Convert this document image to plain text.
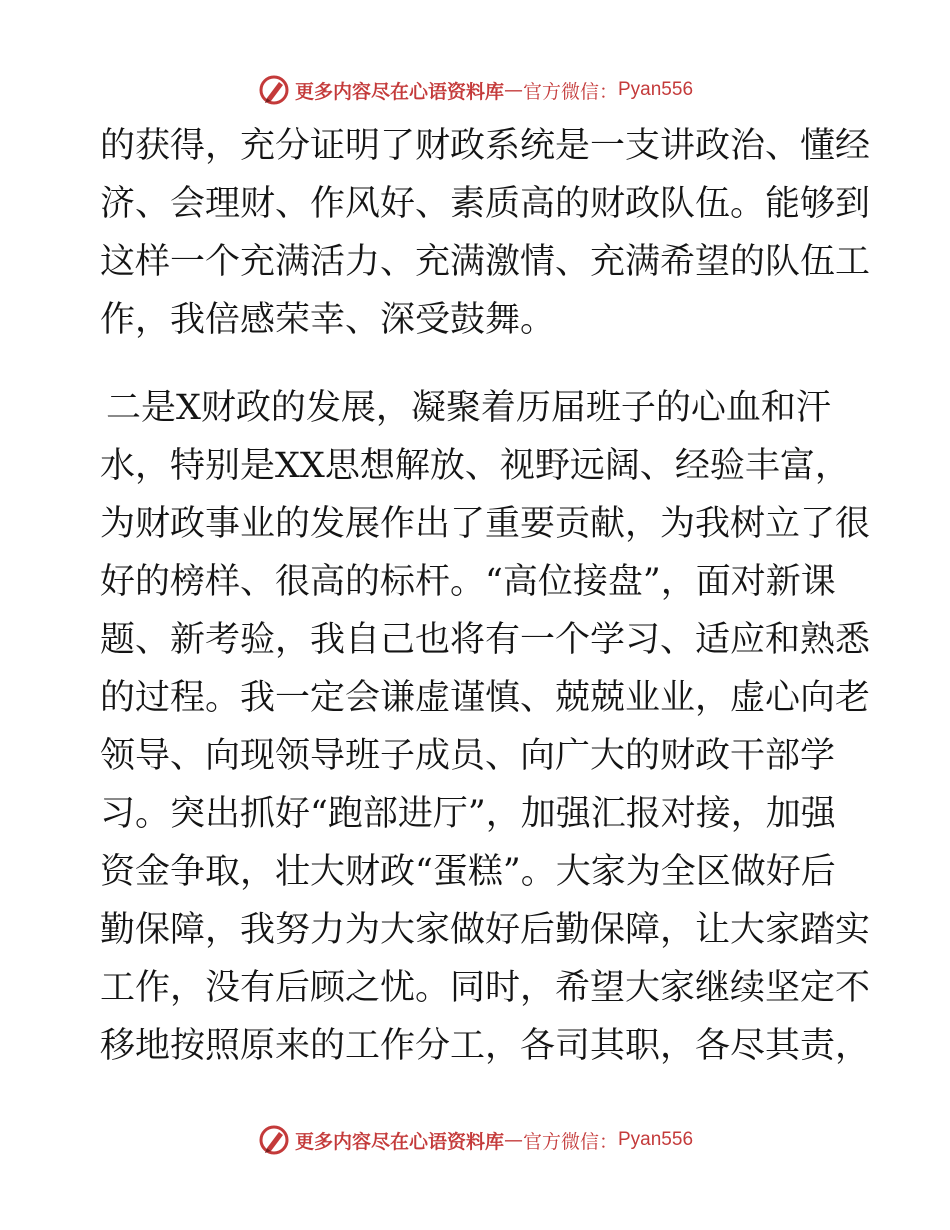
更多内容尽在心语资料库 — 官方微信： Pyan556
的获得，充分证明了财政系统是一支讲政治、懂经
济、会理财、作风好、素质高的财政队伍。能够到
这样一个充满活力、充满激情、充满希望的队伍工
作，我倍感荣幸、深受鼓舞。
二是X财政的发展，凝聚着历届班子的心血和汗
水，特别是XX思想解放、视野远阔、经验丰富，
为财政事业的发展作出了重要贡献，为我树立了很
好的榜样、很高的标杆。“高位接盘”，面对新课
题、新考验，我自己也将有一个学习、适应和熟悉
的过程。我一定会谦虚谨慎、兢兢业业，虚心向老
领导、向现领导班子成员、向广大的财政干部学
习。突出抓好“跑部进厅”，加强汇报对接，加强
资金争取，壮大财政“蛋糕”。大家为全区做好后
勤保障，我努力为大家做好后勤保障，让大家踏实
工作，没有后顾之忧。同时，希望大家继续坚定不
移地按照原来的工作分工，各司其职，各尽其责，
更多内容尽在心语资料库 — 官方微信： Pyan556
